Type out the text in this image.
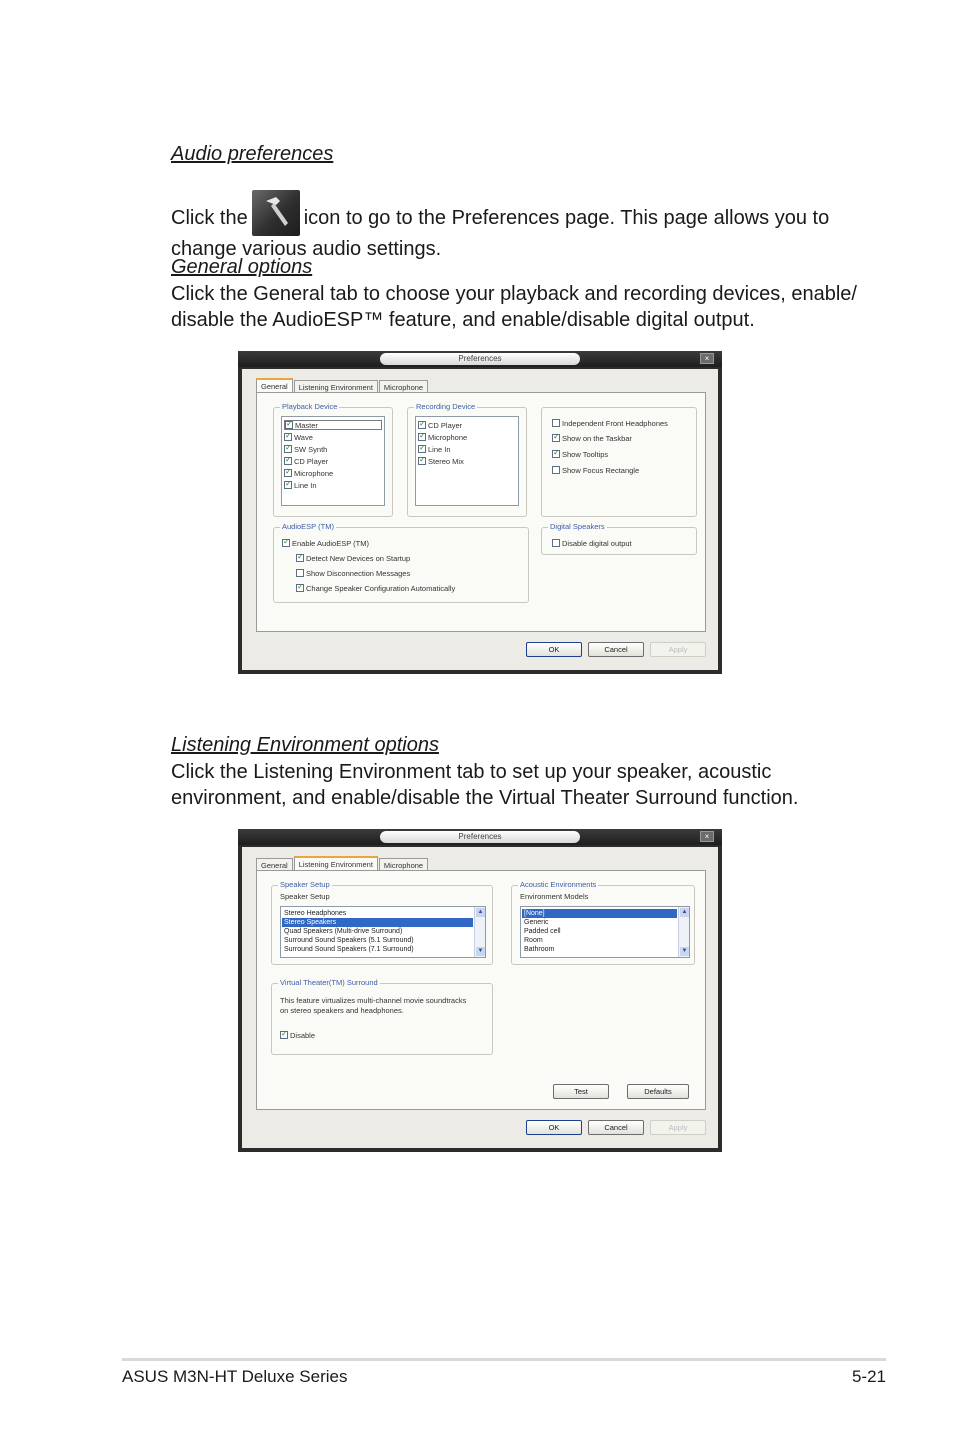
Audio preferences
Click the	icon to go to the Preferences page. This page allows you to
change various audio settings.
General options
Click the General tab to choose your playback and recording devices, enable/
disable the AudioESP™ feature, and enable/disable digital output.
Preferences	×
General	Listening Environment	Microphone
Playback Device
✓
Master
✓
Wave
✓
SW Synth
✓
CD Player
✓
Microphone
✓
Line In
Recording Device
✓
CD Player
✓
Microphone
✓
Line In
✓
Stereo Mix
Independent Front Headphones
✓
Show on the Taskbar
✓
Show Tooltips
Show Focus Rectangle
AudioESP (TM)
✓
Enable AudioESP (TM)
✓
Detect New Devices on Startup
Show Disconnection Messages
✓
Change Speaker Configuration Automatically
Digital Speakers
Disable digital output
OK	Cancel	Apply
Listening Environment options
Click the Listening Environment tab to set up your speaker, acoustic
environment, and enable/disable the Virtual Theater Surround function.
Preferences	×
General	Listening Environment	Microphone
Speaker Setup
Speaker Setup
Stereo Headphones
Stereo Speakers
Quad Speakers (Multi-drive Surround)
Surround Sound Speakers (5.1 Surround)
Surround Sound Speakers (7.1 Surround)
▲
▼
Acoustic Environments
Environment Models
[None]
Generic
Padded cell
Room
Bathroom
▲
▼
Virtual Theater(TM) Surround
This feature virtualizes multi-channel movie soundtracks
on stereo speakers and headphones.
✓
Disable
Test	Defaults
OK	Cancel	Apply
ASUS M3N-HT Deluxe Series	5-21
